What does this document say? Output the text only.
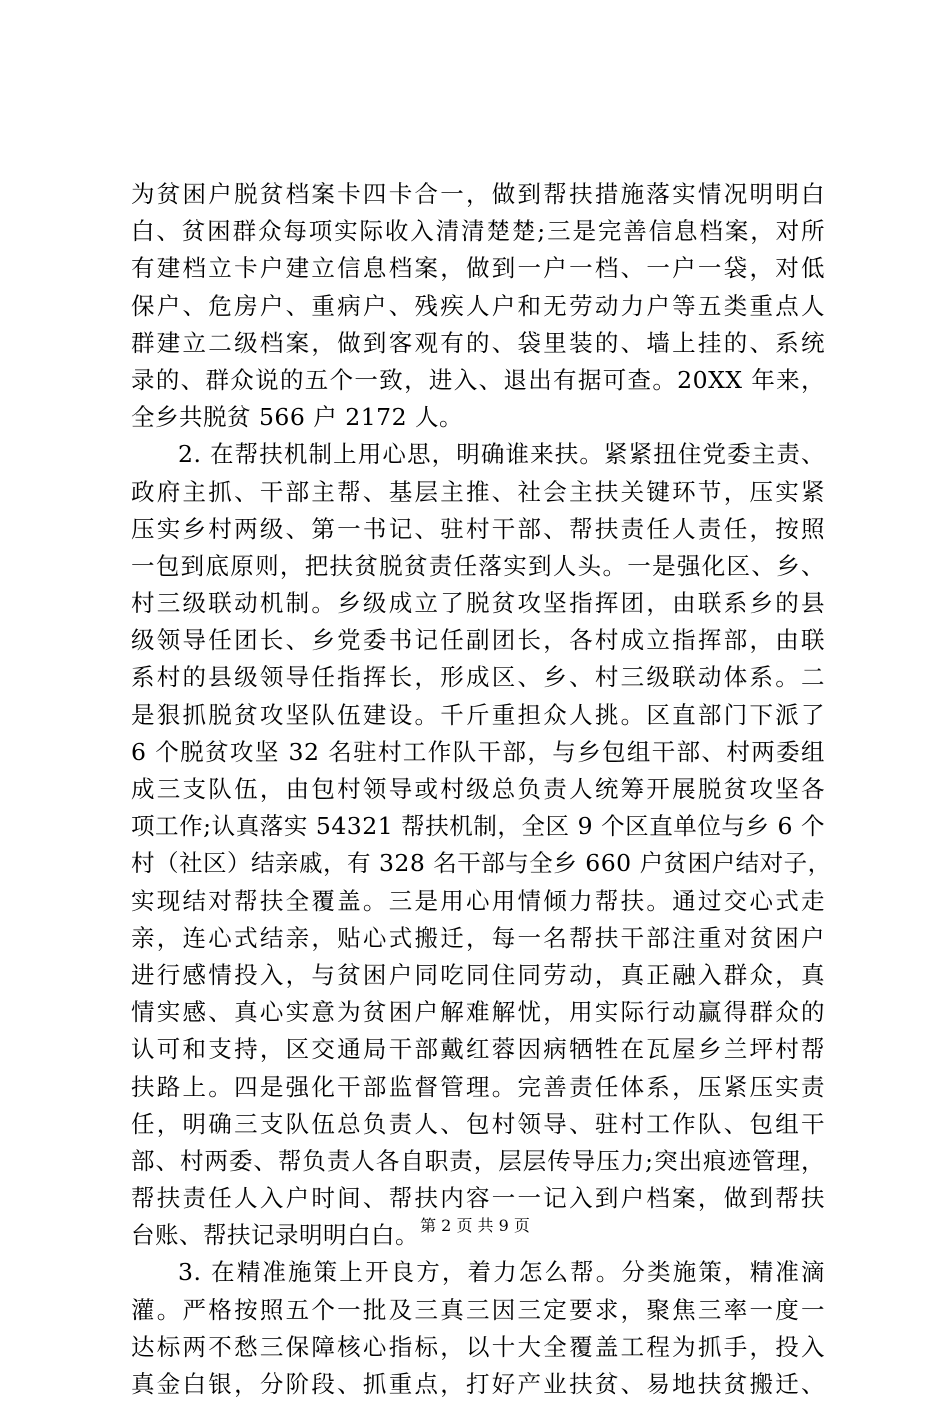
为贫困户脱贫档案卡四卡合一，做到帮扶措施落实情况明明白
白、贫困群众每项实际收入清清楚楚;三是完善信息档案，对所
有建档立卡户建立信息档案，做到一户一档、一户一袋，对低
保户、危房户、重病户、残疾人户和无劳动力户等五类重点人
群建立二级档案，做到客观有的、袋里装的、墙上挂的、系统
录的、群众说的五个一致，进入、退出有据可查。20XX 年来，
全乡共脱贫 566 户 2172 人。
2. 在帮扶机制上用心思，明确谁来扶。紧紧扭住党委主责、
政府主抓、干部主帮、基层主推、社会主扶关键环节，压实紧
压实乡村两级、第一书记、驻村干部、帮扶责任人责任，按照
一包到底原则，把扶贫脱贫责任落实到人头。一是强化区、乡、
村三级联动机制。乡级成立了脱贫攻坚指挥团，由联系乡的县
级领导任团长、乡党委书记任副团长，各村成立指挥部，由联
系村的县级领导任指挥长，形成区、乡、村三级联动体系。二
是狠抓脱贫攻坚队伍建设。千斤重担众人挑。区直部门下派了
6 个脱贫攻坚 32 名驻村工作队干部，与乡包组干部、村两委组
成三支队伍，由包村领导或村级总负责人统筹开展脱贫攻坚各
项工作;认真落实 54321 帮扶机制，全区 9 个区直单位与乡 6 个
村（社区）结亲戚，有 328 名干部与全乡 660 户贫困户结对子，
实现结对帮扶全覆盖。三是用心用情倾力帮扶。通过交心式走
亲，连心式结亲，贴心式搬迁，每一名帮扶干部注重对贫困户
进行感情投入，与贫困户同吃同住同劳动，真正融入群众，真
情实感、真心实意为贫困户解难解忧，用实际行动赢得群众的
认可和支持，区交通局干部戴红蓉因病牺牲在瓦屋乡兰坪村帮
扶路上。四是强化干部监督管理。完善责任体系，压紧压实责
任，明确三支队伍总负责人、包村领导、驻村工作队、包组干
部、村两委、帮负责人各自职责，层层传导压力;突出痕迹管理，
帮扶责任人入户时间、帮扶内容一一记入到户档案，做到帮扶
台账、帮扶记录明明白白。
3. 在精准施策上开良方，着力怎么帮。分类施策，精准滴
灌。严格按照五个一批及三真三因三定要求，聚焦三率一度一
达标两不愁三保障核心指标，以十大全覆盖工程为抓手，投入
真金白银，分阶段、抓重点，打好产业扶贫、易地扶贫搬迁、
第 2 页 共 9 页
